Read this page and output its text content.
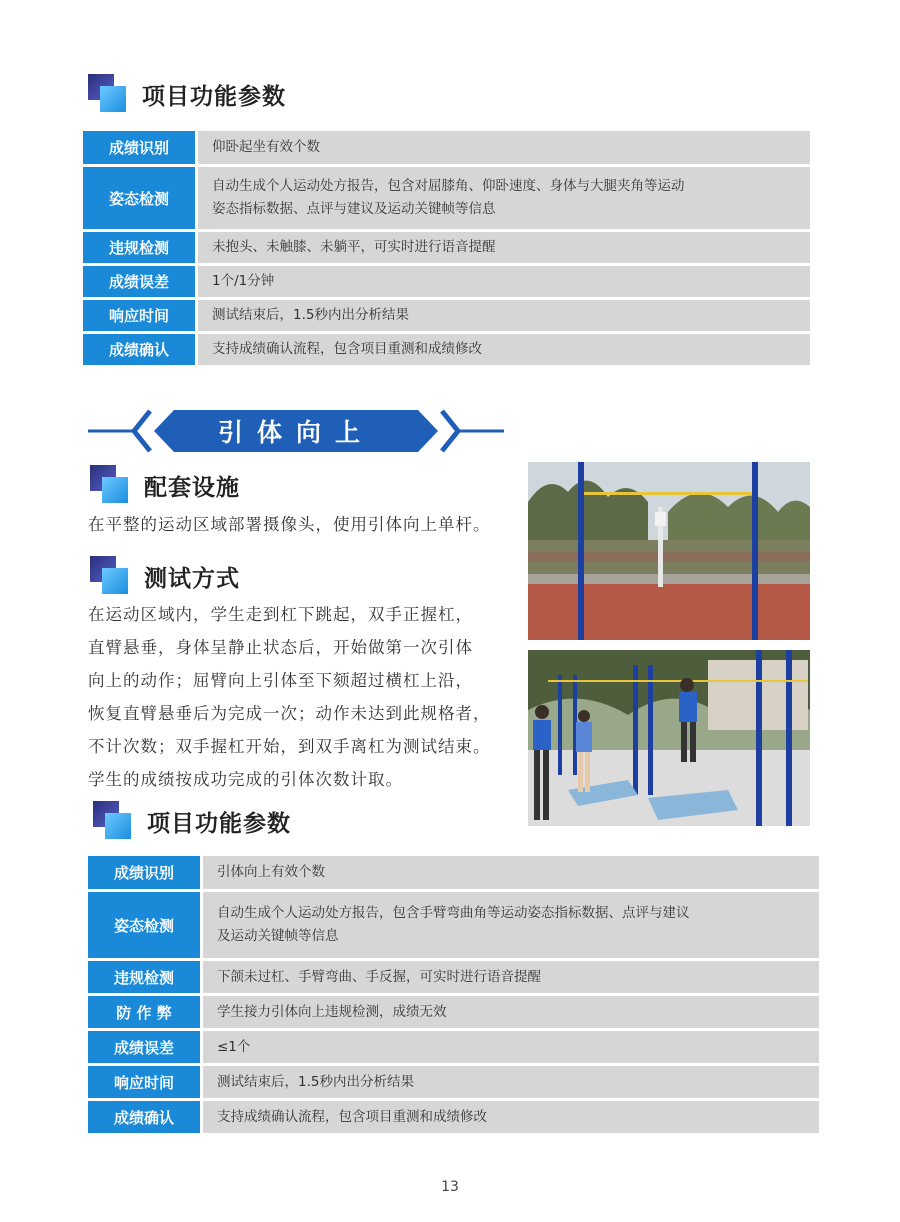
项目功能参数
成绩识别	仰卧起坐有效个数
姿态检测	自动生成个人运动处方报告，包含对屈膝角、仰卧速度、身体与大腿夹角等运动
姿态指标数据、点评与建议及运动关键帧等信息

违规检测	未抱头、未触膝、未躺平，可实时进行语音提醒
成绩误差	1个/1分钟
响应时间	测试结束后，1.5秒内出分析结果
成绩确认	支持成绩确认流程，包含项目重测和成绩修改
引体向上
配套设施
在平整的运动区域部署摄像头，使用引体向上单杆。
测试方式
在运动区域内，学生走到杠下跳起，双手正握杠，
直臂悬垂，身体呈静止状态后，开始做第一次引体
向上的动作；屈臂向上引体至下颏超过横杠上沿，
恢复直臂悬垂后为完成一次；动作未达到此规格者，
不计次数；双手握杠开始，到双手离杠为测试结束。
学生的成绩按成功完成的引体次数计取。
项目功能参数
成绩识别	引体向上有效个数
姿态检测	自动生成个人运动处方报告，包含手臂弯曲角等运动姿态指标数据、点评与建议
及运动关键帧等信息

违规检测	下颌未过杠、手臂弯曲、手反握，可实时进行语音提醒
防 作 弊	学生接力引体向上违规检测，成绩无效
成绩误差	≤1个
响应时间	测试结束后，1.5秒内出分析结果
成绩确认	支持成绩确认流程，包含项目重测和成绩修改
13
